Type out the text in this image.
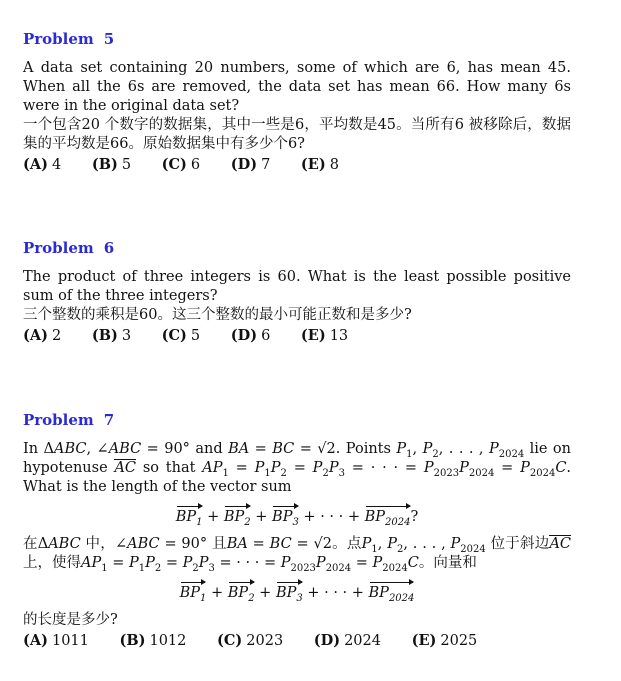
Problem 5

A data set containing 20 numbers, some of which are 6, has mean 45. When all the 6s are removed, the data set has mean 66. How many 6s were in the original data set?

一个包含20 个数字的数据集，其中一些是6，平均数是45。当所有6 被移除后，数据集的平均数是66。原始数据集中有多少个6?

(A) 4 (B) 5 (C) 6 (D) 7 (E) 8
Problem 6

The product of three integers is 60. What is the least possible positive sum of the three integers?

三个整数的乘积是60。这三个整数的最小可能正数和是多少?

(A) 2 (B) 3 (C) 5 (D) 6 (E) 13
Problem 7

In ΔABC, ∠ABC = 90° and BA = BC = √2. Points $P_1$, $P_2$, . . . , $P_{2024}$ lie on hypotenuse AC so that $AP_1 = P_1P_2 = P_2P_3$ = · · · = $P_{2023}P_{2024} = P_{2024}C$. What is the length of the vector sum

$BP_1 + BP_2 + BP_3$ + · · · + $BP_{2024}$?

在ΔABC 中，∠ABC = 90° 且BA = BC = √2。点$P_1$, $P_2$, . . . , $P_{2024}$ 位于斜边AC 上，使得$AP_1 = P_1P_2 = P_2P_3$ = · · · = $P_{2023}P_{2024} = P_{2024}C$。向量和

$BP_1 + BP_2 + BP_3$ + · · · + $BP_{2024}$

的长度是多少?

(A) 1011 (B) 1012 (C) 2023 (D) 2024 (E) 2025
